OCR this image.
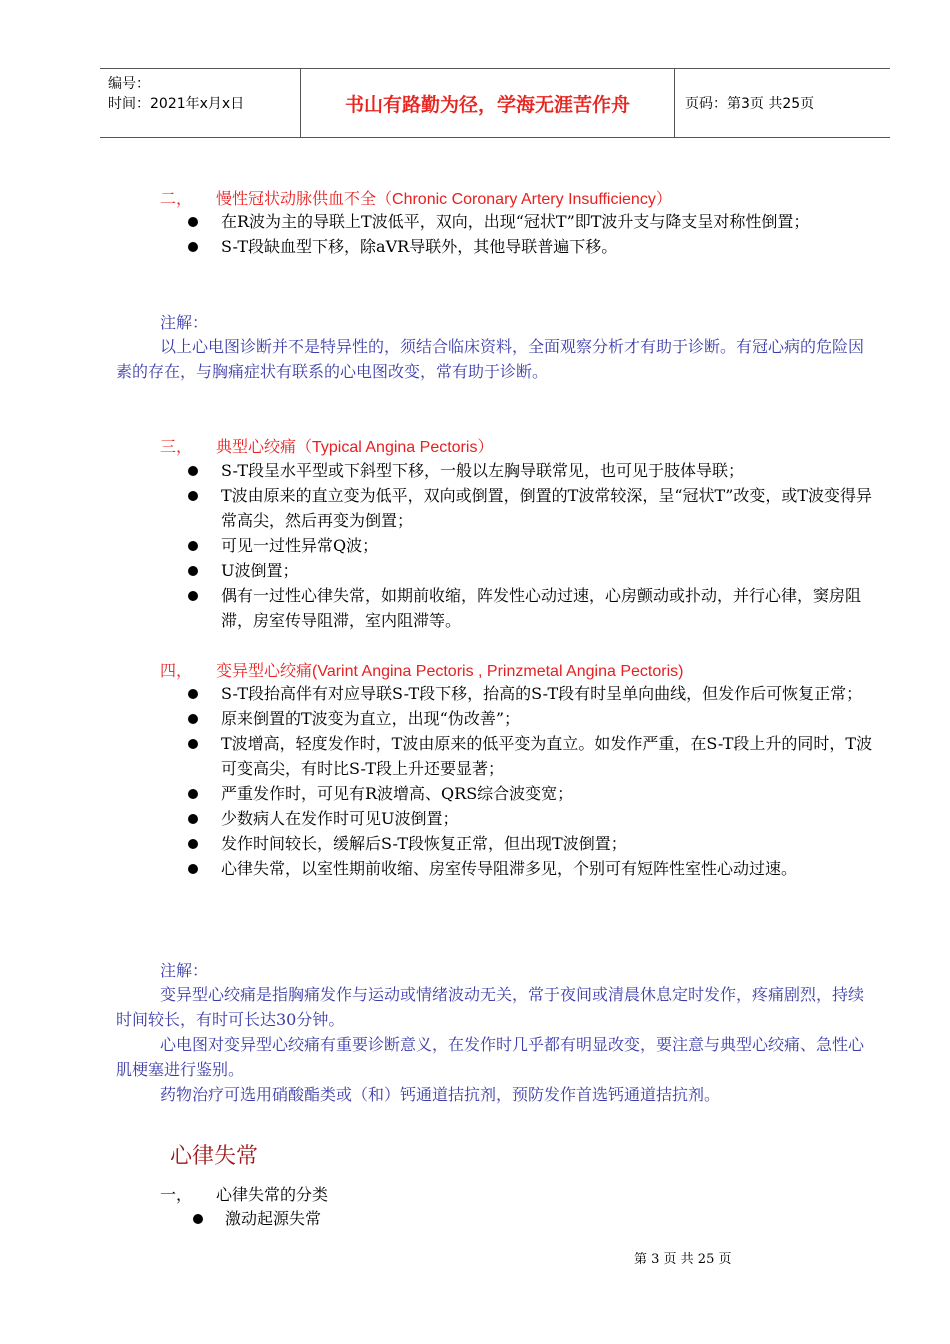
编号：
时间：2021年x月x日	书山有路勤为径，学海无涯苦作舟	页码：第3页 共25页
二， 慢性冠状动脉供血不全（Chronic Coronary Artery Insufficiency）
在R波为主的导联上T波低平，双向，出现“冠状T”即T波升支与降支呈对称性倒置；
S-T段缺血型下移，除aVR导联外，其他导联普遍下移。
注解：
以上心电图诊断并不是特异性的，须结合临床资料，全面观察分析才有助于诊断。有冠心病的危险因素的存在，与胸痛症状有联系的心电图改变，常有助于诊断。
三， 典型心绞痛（Typical Angina Pectoris）
S-T段呈水平型或下斜型下移，一般以左胸导联常见，也可见于肢体导联；
T波由原来的直立变为低平，双向或倒置，倒置的T波常较深，呈“冠状T”改变，或T波变得异常高尖，然后再变为倒置；
可见一过性异常Q波；
U波倒置；
偶有一过性心律失常，如期前收缩，阵发性心动过速，心房颤动或扑动，并行心律，窦房阻滞，房室传导阻滞，室内阻滞等。
四， 变异型心绞痛(Varint Angina Pectoris , Prinzmetal Angina Pectoris)
S-T段抬高伴有对应导联S-T段下移，抬高的S-T段有时呈单向曲线，但发作后可恢复正常；
原来倒置的T波变为直立，出现“伪改善”；
T波增高，轻度发作时，T波由原来的低平变为直立。如发作严重，在S-T段上升的同时，T波可变高尖，有时比S-T段上升还要显著；
严重发作时，可见有R波增高、QRS综合波变宽；
少数病人在发作时可见U波倒置；
发作时间较长，缓解后S-T段恢复正常，但出现T波倒置；
心律失常，以室性期前收缩、房室传导阻滞多见，个别可有短阵性室性心动过速。
注解：
变异型心绞痛是指胸痛发作与运动或情绪波动无关，常于夜间或清晨休息定时发作，疼痛剧烈，持续时间较长，有时可长达30分钟。
心电图对变异型心绞痛有重要诊断意义，在发作时几乎都有明显改变，要注意与典型心绞痛、急性心肌梗塞进行鉴别。
药物治疗可选用硝酸酯类或（和）钙通道拮抗剂，预防发作首选钙通道拮抗剂。
心律失常
一， 心律失常的分类
激动起源失常
第 3 页 共 25 页
